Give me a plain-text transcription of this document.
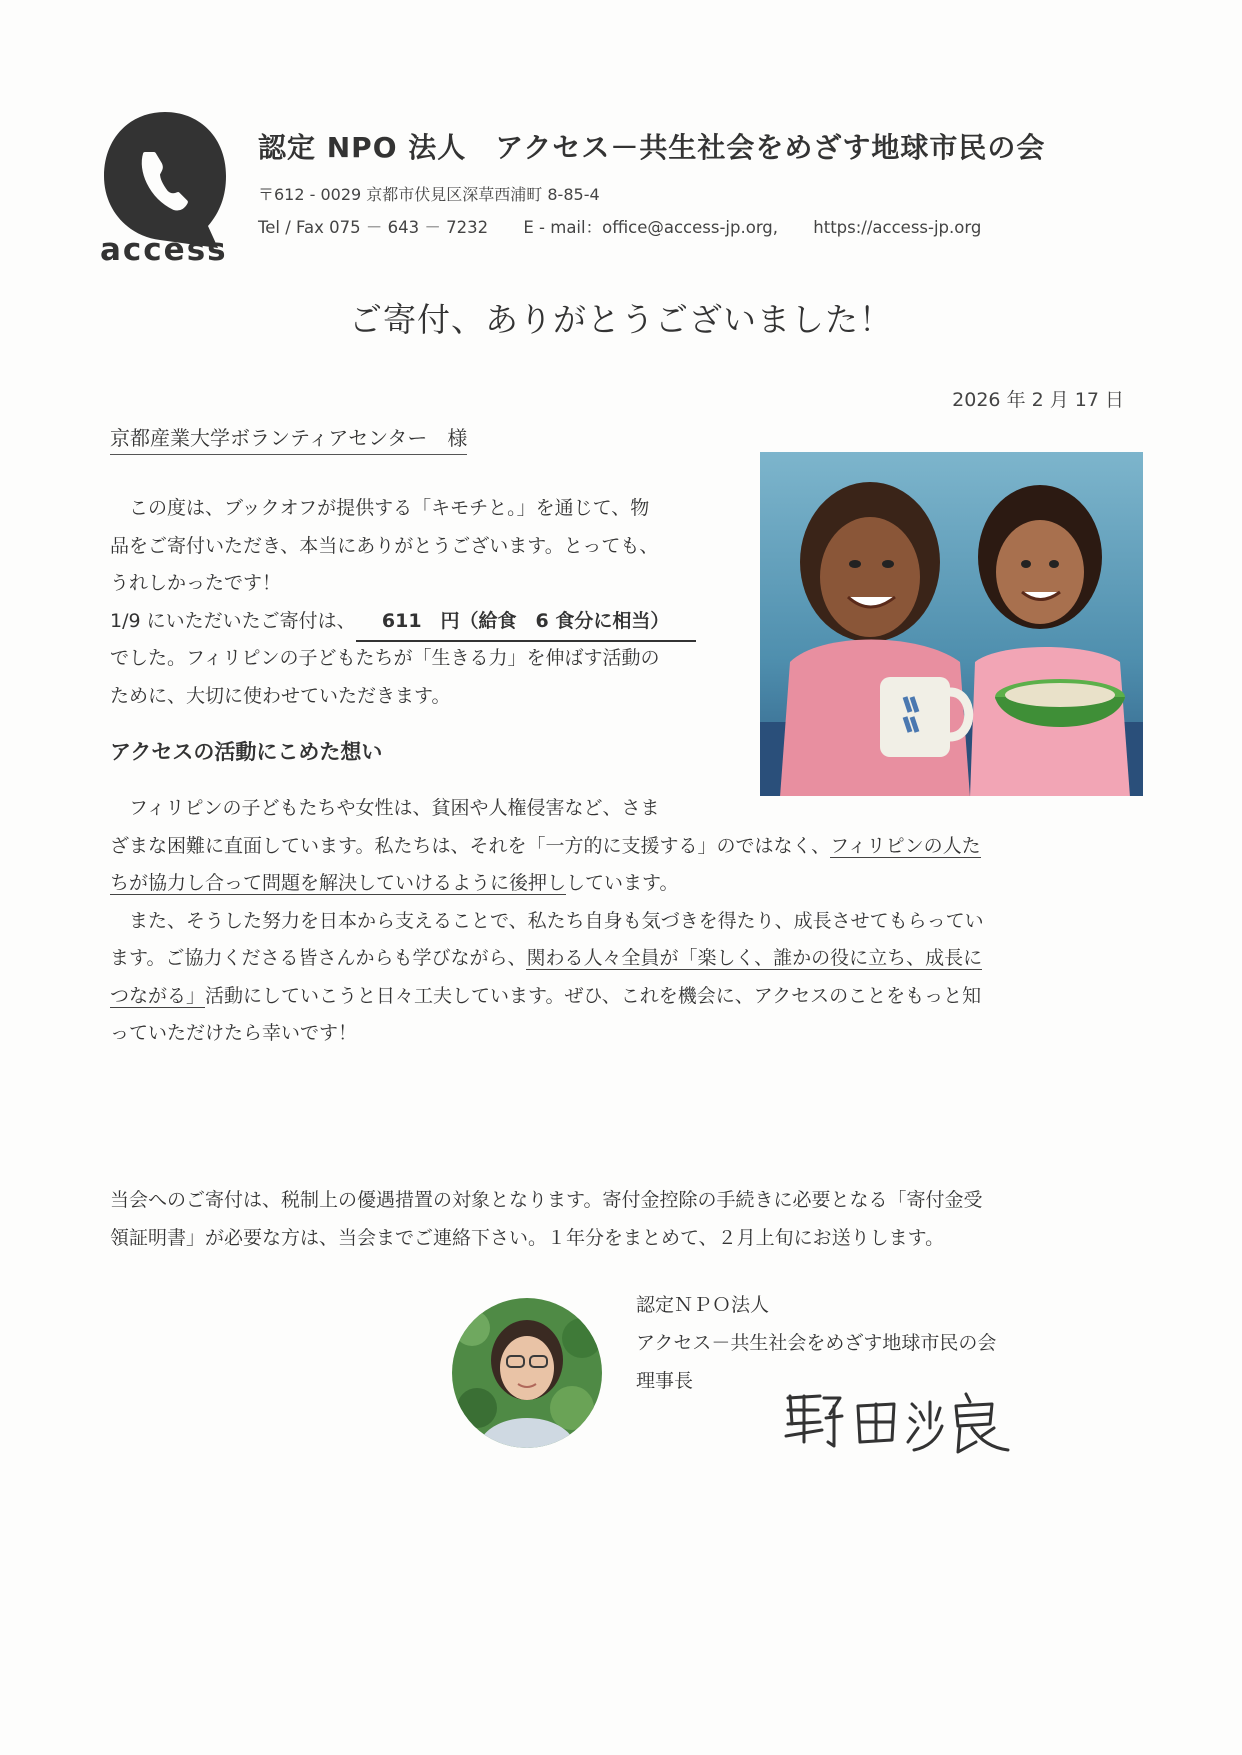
access
認定 NPO 法人　アクセス－共生社会をめざす地球市民の会
〒612 - 0029 京都市伏見区深草西浦町 8-85-4
Tel / Fax 075 － 643 － 7232 E - mail：office@access-jp.org, https://access-jp.org
ご寄付、ありがとうございました！
2026 年 2 月 17 日
京都産業大学ボランティアセンター　様
　この度は、ブックオフが提供する「キモチと。」を通じて、物
品をご寄付いただき、本当にありがとうございます。とっても、
うれしかったです！
1/9 にいただいたご寄付は、 611　円（給食　6 食分に相当）
でした。フィリピンの子どもたちが「生きる力」を伸ばす活動の
ために、大切に使わせていただきます。
アクセスの活動にこめた想い
　フィリピンの子どもたちや女性は、貧困や人権侵害など、さま
ざまな困難に直面しています。私たちは、それを「一方的に支援する」のではなく、フィリピンの人た
ちが協力し合って問題を解決していけるように後押ししています。
　また、そうした努力を日本から支えることで、私たち自身も気づきを得たり、成長させてもらってい
ます。ご協力くださる皆さんからも学びながら、関わる人々全員が「楽しく、誰かの役に立ち、成長に
つながる」活動にしていこうと日々工夫しています。ぜひ、これを機会に、アクセスのことをもっと知
っていただけたら幸いです！
当会へのご寄付は、税制上の優遇措置の対象となります。寄付金控除の手続きに必要となる「寄付金受
領証明書」が必要な方は、当会までご連絡下さい。１年分をまとめて、２月上旬にお送りします。
認定ＮＰＯ法人
アクセス－共生社会をめざす地球市民の会
理事長
